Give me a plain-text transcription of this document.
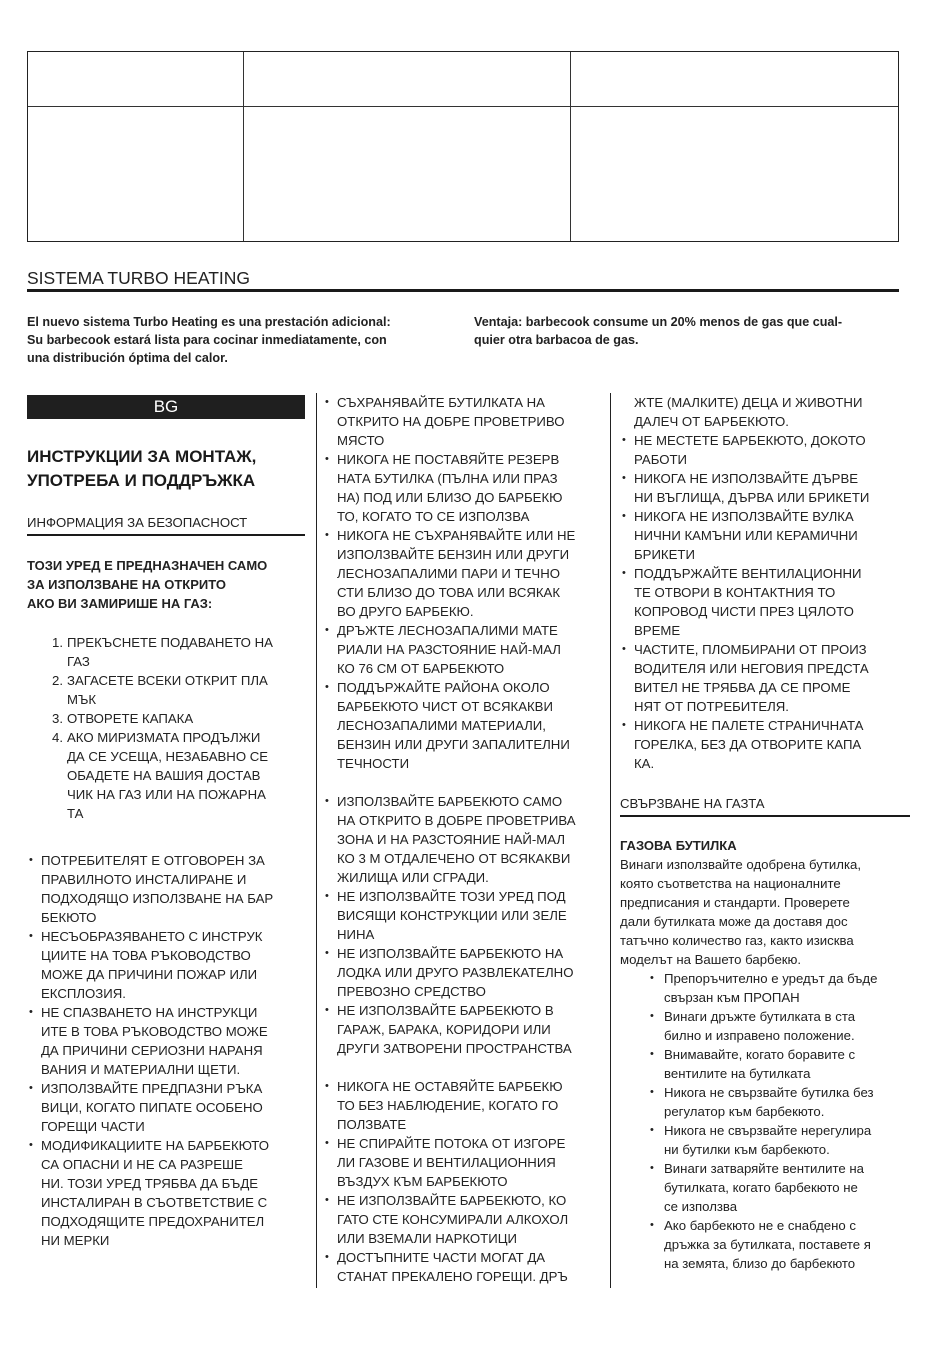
SISTEMA TURBO HEATING
El nuevo sistema Turbo Heating es una prestación adicional:
Su barbecook estará lista para cocinar inmediatamente, con
una distribución óptima del calor.
Ventaja: barbecook consume un 20% menos de gas que cual-
quier otra barbacoa de gas.
BG
ИНСТРУКЦИИ ЗА МОНТАЖ,
УПОТРЕБА И ПОДДРЪЖКА
ИНФОРМАЦИЯ ЗА БЕЗОПАСНОСТ
ТОЗИ УРЕД Е ПРЕДНАЗНАЧЕН САМО
ЗА ИЗПОЛЗВАНЕ НА ОТКРИТО
АКО ВИ ЗАМИРИШЕ НА ГАЗ:
1. ПРЕКЪСНЕТЕ ПОДАВАНЕТО НА
ГАЗ
2. ЗАГАСЕТЕ ВСЕКИ ОТКРИТ ПЛА
МЪК
3. ОТВОРЕТЕ КАПАКА
4. АКО МИРИЗМАТА ПРОДЪЛЖИ
ДА СЕ УСЕЩА, НЕЗАБАВНО СЕ
ОБАДЕТЕ НА ВАШИЯ ДОСТАВ
ЧИК НА ГАЗ ИЛИ НА ПОЖАРНА
ТА
• ПОТРЕБИТЕЛЯТ Е ОТГОВОРЕН ЗА
ПРАВИЛНОТО ИНСТАЛИРАНЕ И
ПОДХОДЯЩО ИЗПОЛЗВАНЕ НА БАР
БЕКЮТО
• НЕСЪОБРАЗЯВАНЕТО С ИНСТРУК
ЦИИТЕ НА ТОВА РЪКОВОДСТВО
МОЖЕ ДА ПРИЧИНИ ПОЖАР ИЛИ
ЕКСПЛОЗИЯ.
• НЕ СПАЗВАНЕТО НА ИНСТРУКЦИ
ИТЕ В ТОВА РЪКОВОДСТВО МОЖЕ
ДА ПРИЧИНИ СЕРИОЗНИ НАРАНЯ
ВАНИЯ И МАТЕРИАЛНИ ЩЕТИ.
• ИЗПОЛЗВАЙТЕ ПРЕДПАЗНИ РЪКА
ВИЦИ, КОГАТО ПИПАТЕ ОСОБЕНО
ГОРЕЩИ ЧАСТИ
• МОДИФИКАЦИИТЕ НА БАРБЕКЮТО
СА ОПАСНИ И НЕ СА РАЗРЕШЕ
НИ. ТОЗИ УРЕД ТРЯБВА ДА БЪДЕ
ИНСТАЛИРАН В СЪОТВЕТСТВИЕ С
ПОДХОДЯЩИТЕ ПРЕДОХРАНИТЕЛ
НИ МЕРКИ
• СЪХРАНЯВАЙТЕ БУТИЛКАТА НА
ОТКРИТО НА ДОБРЕ ПРОВЕТРИВО
МЯСТО
• НИКОГА НЕ ПОСТАВЯЙТЕ РЕЗЕРВ
НАТА БУТИЛКА (ПЪЛНА ИЛИ ПРАЗ
НА) ПОД ИЛИ БЛИЗО ДО БАРБЕКЮ
ТО, КОГАТО ТО СЕ ИЗПОЛЗВА
• НИКОГА НЕ СЪХРАНЯВАЙТЕ ИЛИ НЕ
ИЗПОЛЗВАЙТЕ БЕНЗИН ИЛИ ДРУГИ
ЛЕСНОЗАПАЛИМИ ПАРИ И ТЕЧНО
СТИ БЛИЗО ДО ТОВА ИЛИ ВСЯКАК
ВО ДРУГО БАРБЕКЮ.
• ДРЪЖТЕ ЛЕСНОЗАПАЛИМИ МАТЕ
РИАЛИ НА РАЗСТОЯНИЕ НАЙ-МАЛ
КО 76 СМ ОТ БАРБЕКЮТО
• ПОДДЪРЖАЙТЕ РАЙОНА ОКОЛО
БАРБЕКЮТО ЧИСТ ОТ ВСЯКАКВИ
ЛЕСНОЗАПАЛИМИ МАТЕРИАЛИ,
БЕНЗИН ИЛИ ДРУГИ ЗАПАЛИТЕЛНИ
ТЕЧНОСТИ
• ИЗПОЛЗВАЙТЕ БАРБЕКЮТО САМО
НА ОТКРИТО В ДОБРЕ ПРОВЕТРИВА
ЗОНА И НА РАЗСТОЯНИЕ НАЙ-МАЛ
КО 3 М ОТДАЛЕЧЕНО ОТ ВСЯКАКВИ
ЖИЛИЩА ИЛИ СГРАДИ.
• НЕ ИЗПОЛЗВАЙТЕ ТОЗИ УРЕД ПОД
ВИСЯЩИ КОНСТРУКЦИИ ИЛИ ЗЕЛЕ
НИНА
• НЕ ИЗПОЛЗВАЙТЕ БАРБЕКЮТО НА
ЛОДКА ИЛИ ДРУГО РАЗВЛЕКАТЕЛНО
ПРЕВОЗНО СРЕДСТВО
• НЕ ИЗПОЛЗВАЙТЕ БАРБЕКЮТО В
ГАРАЖ, БАРАКА, КОРИДОРИ ИЛИ
ДРУГИ ЗАТВОРЕНИ ПРОСТРАНСТВА
• НИКОГА НЕ ОСТАВЯЙТЕ БАРБЕКЮ
ТО БЕЗ НАБЛЮДЕНИЕ, КОГАТО ГО
ПОЛЗВАТЕ
• НЕ СПИРАЙТЕ ПОТОКА ОТ ИЗГОРЕ
ЛИ ГАЗОВЕ И ВЕНТИЛАЦИОННИЯ
ВЪЗДУХ КЪМ БАРБЕКЮТО
• НЕ ИЗПОЛЗВАЙТЕ БАРБЕКЮТО, КО
ГАТО СТЕ КОНСУМИРАЛИ АЛКОХОЛ
ИЛИ ВЗЕМАЛИ НАРКОТИЦИ
• ДОСТЪПНИТЕ ЧАСТИ МОГАТ ДА
СТАНАТ ПРЕКАЛЕНО ГОРЕЩИ. ДРЪ
ЖТЕ (МАЛКИТЕ) ДЕЦА И ЖИВОТНИ
ДАЛЕЧ ОТ БАРБЕКЮТО.
• НЕ МЕСТЕТЕ БАРБЕКЮТО, ДОКОТО
РАБОТИ
• НИКОГА НЕ ИЗПОЛЗВАЙТЕ ДЪРВЕ
НИ ВЪГЛИЩА, ДЪРВА ИЛИ БРИКЕТИ
• НИКОГА НЕ ИЗПОЛЗВАЙТЕ ВУЛКА
НИЧНИ КАМЪНИ ИЛИ КЕРАМИЧНИ
БРИКЕТИ
• ПОДДЪРЖАЙТЕ ВЕНТИЛАЦИОННИ
ТЕ ОТВОРИ В КОНТАКТНИЯ ТО
КОПРОВОД ЧИСТИ ПРЕЗ ЦЯЛОТО
ВРЕМЕ
• ЧАСТИТЕ, ПЛОМБИРАНИ ОТ ПРОИЗ
ВОДИТЕЛЯ ИЛИ НЕГОВИЯ ПРЕДСТА
ВИТЕЛ НЕ ТРЯБВА ДА СЕ ПРОМЕ
НЯТ ОТ ПОТРЕБИТЕЛЯ.
• НИКОГА НЕ ПАЛЕТЕ СТРАНИЧНАТА
ГОРЕЛКА, БЕЗ ДА ОТВОРИТЕ КАПА
КА.
СВЪРЗВАНЕ НА ГАЗТА
ГАЗОВА БУТИЛКА
Винаги използвайте одобрена бутилка,
която съответства на националните
предписания и стандарти. Проверете
дали бутилката може да доставя дос
татъчно количество газ, както изисква
моделът на Вашето барбекю.
• Препоръчително е уредът да бъде
свързан към ПРОПАН
• Винаги дръжте бутилката в ста
билно и изправено положение.
• Внимавайте, когато боравите с
вентилите на бутилката
• Никога не свързвайте бутилка без
регулатор към барбекюто.
• Никога не свързвайте нерегулира
ни бутилки към барбекюто.
• Винаги затваряйте вентилите на
бутилката, когато барбекюто не
се използва
• Ако барбекюто не е снабдено с
дръжка за бутилката, поставете я
на земята, близо до барбекюто
